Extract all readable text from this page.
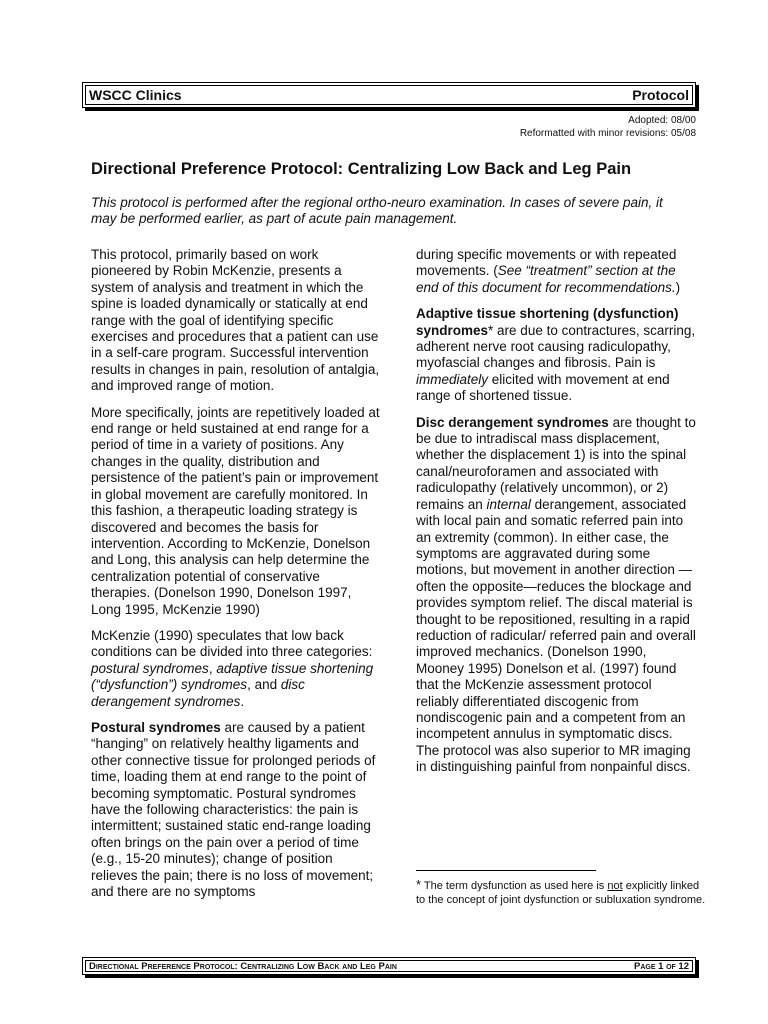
WSCC Clinics	Protocol
Adopted: 08/00
Reformatted with minor revisions: 05/08
Directional Preference Protocol: Centralizing Low Back and Leg Pain

This protocol is performed after the regional ortho-neuro examination. In cases of severe pain, it may be performed earlier, as part of acute pain management.

This protocol, primarily based on work pioneered by Robin McKenzie, presents a system of analysis and treatment in which the spine is loaded dynamically or statically at end range with the goal of identifying specific exercises and procedures that a patient can use in a self-care program. Successful intervention results in changes in pain, resolution of antalgia, and improved range of motion.

More specifically, joints are repetitively loaded at end range or held sustained at end range for a period of time in a variety of positions. Any changes in the quality, distribution and persistence of the patient’s pain or improvement in global movement are carefully monitored. In this fashion, a therapeutic loading strategy is discovered and becomes the basis for intervention. According to McKenzie, Donelson and Long, this analysis can help determine the centralization potential of conservative therapies. (Donelson 1990, Donelson 1997, Long 1995, McKenzie 1990)

McKenzie (1990) speculates that low back conditions can be divided into three categories: postural syndromes, adaptive tissue shortening (“dysfunction”) syndromes, and disc derangement syndromes.

Postural syndromes are caused by a patient “hanging” on relatively healthy ligaments and other connective tissue for prolonged periods of time, loading them at end range to the point of becoming symptomatic. Postural syndromes have the following characteristics: the pain is intermittent; sustained static end-range loading often brings on the pain over a period of time (e.g., 15-20 minutes); change of position relieves the pain; there is no loss of movement; and there are no symptoms

during specific movements or with repeated movements. (See “treatment” section at the end of this document for recommendations.)

Adaptive tissue shortening (dysfunction) syndromes* are due to contractures, scarring, adherent nerve root causing radiculopathy, myofascial changes and fibrosis. Pain is immediately elicited with movement at end range of shortened tissue.

Disc derangement syndromes are thought to be due to intradiscal mass displacement, whether the displacement 1) is into the spinal canal/neuroforamen and associated with radiculopathy (relatively uncommon), or 2) remains an internal derangement, associated with local pain and somatic referred pain into an extremity (common). In either case, the symptoms are aggravated during some motions, but movement in another direction —often the opposite—reduces the blockage and provides symptom relief. The discal material is thought to be repositioned, resulting in a rapid reduction of radicular/ referred pain and overall improved mechanics. (Donelson 1990, Mooney 1995) Donelson et al. (1997) found that the McKenzie assessment protocol reliably differentiated discogenic from nondiscogenic pain and a competent from an incompetent annulus in symptomatic discs. The protocol was also superior to MR imaging in distinguishing painful from nonpainful discs.

* The term dysfunction as used here is not explicitly linked to the concept of joint dysfunction or subluxation syndrome.
Directional Preference Protocol: Centralizing Low Back and Leg Pain	Page 1 of 12
